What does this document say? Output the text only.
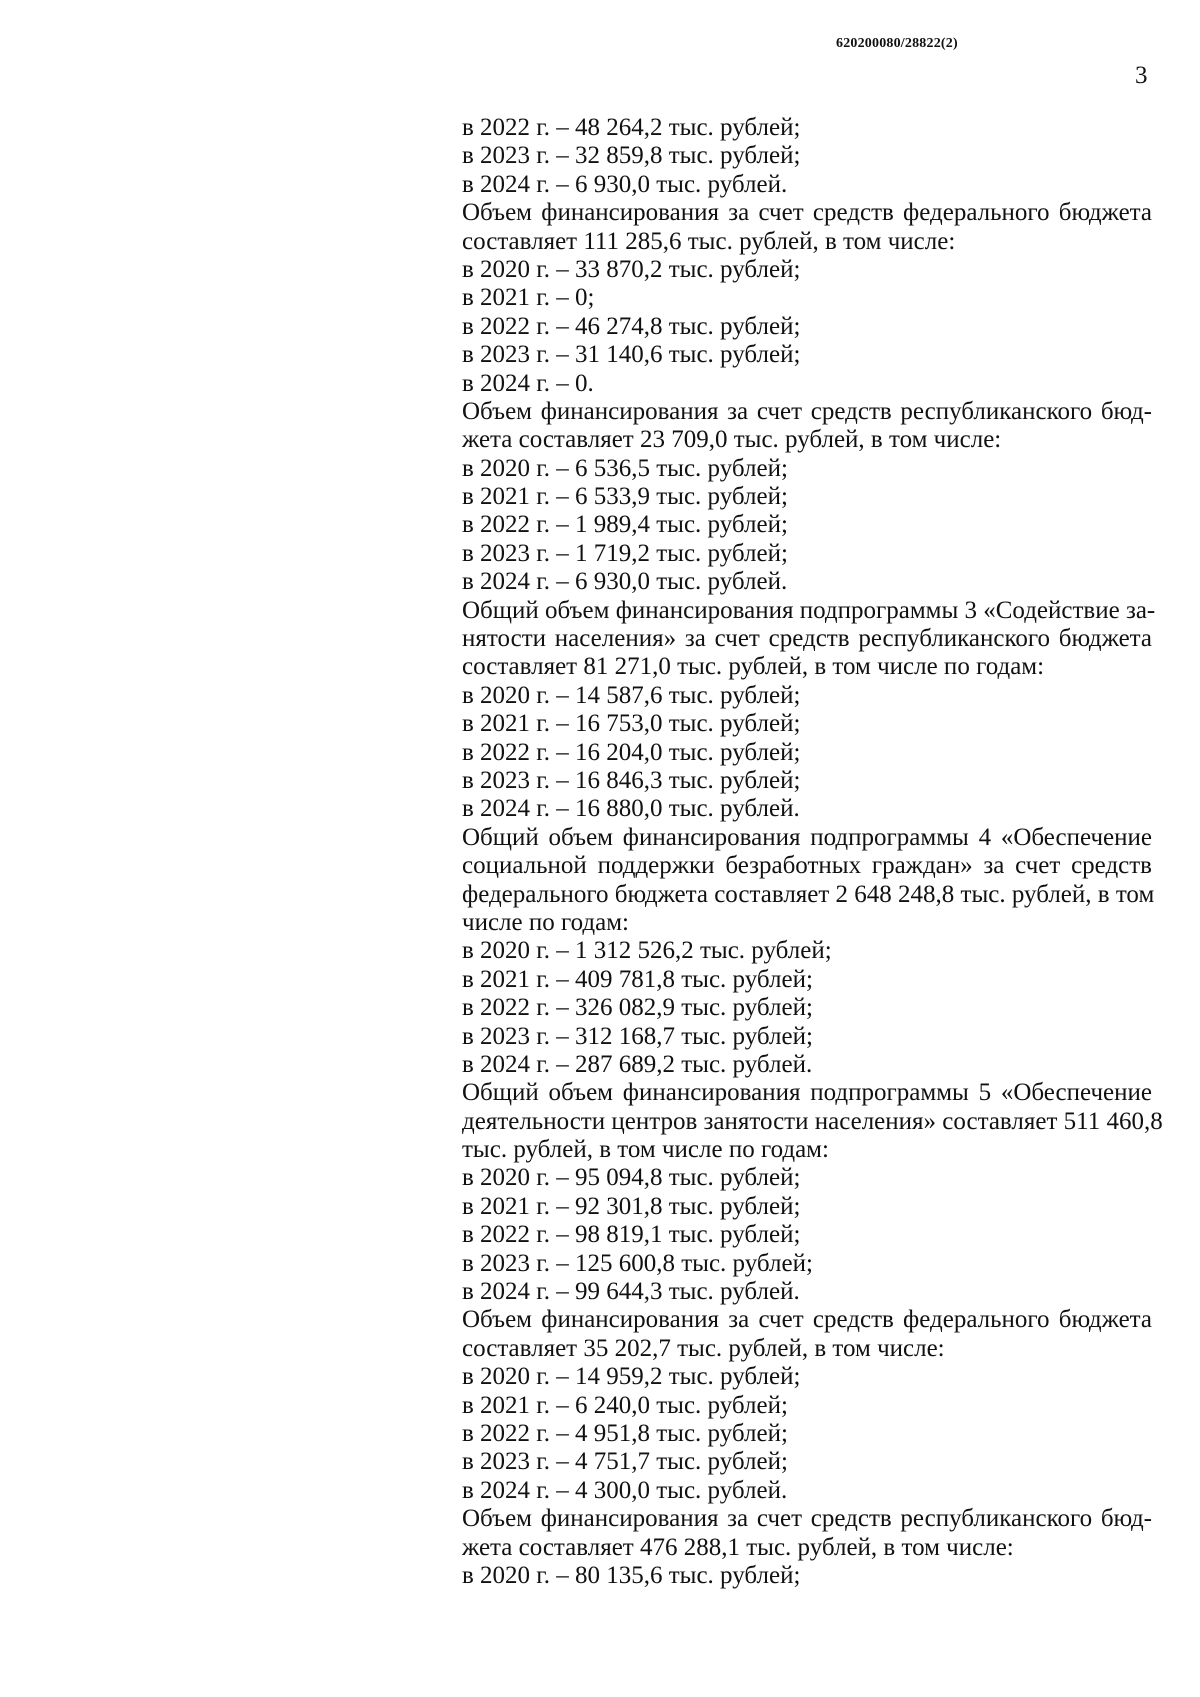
620200080/28822(2)
3
в 2022 г. – 48 264,2 тыс. рублей;
в 2023 г. – 32 859,8 тыс. рублей;
в 2024 г. – 6 930,0 тыс. рублей.
Объем финансирования за счет средств федерального бюджета
составляет 111 285,6 тыс. рублей, в том числе:
в 2020 г. – 33 870,2 тыс. рублей;
в 2021 г. – 0;
в 2022 г. – 46 274,8 тыс. рублей;
в 2023 г. – 31 140,6 тыс. рублей;
в 2024 г. – 0.
Объем финансирования за счет средств республиканского бюд-
жета составляет 23 709,0 тыс. рублей, в том числе:
в 2020 г. – 6 536,5 тыс. рублей;
в 2021 г. – 6 533,9 тыс. рублей;
в 2022 г. – 1 989,4 тыс. рублей;
в 2023 г. – 1 719,2 тыс. рублей;
в 2024 г. – 6 930,0 тыс. рублей.
Общий объем финансирования подпрограммы 3 «Содействие за-
нятости населения» за счет средств республиканского бюджета
составляет 81 271,0 тыс. рублей, в том числе по годам:
в 2020 г. – 14 587,6 тыс. рублей;
в 2021 г. – 16 753,0 тыс. рублей;
в 2022 г. – 16 204,0 тыс. рублей;
в 2023 г. – 16 846,3 тыс. рублей;
в 2024 г. – 16 880,0 тыс. рублей.
Общий объем финансирования подпрограммы 4 «Обеспечение
социальной поддержки безработных граждан» за счет средств
федерального бюджета составляет 2 648 248,8 тыс. рублей, в том
числе по годам:
в 2020 г. – 1 312 526,2 тыс. рублей;
в 2021 г. – 409 781,8 тыс. рублей;
в 2022 г. – 326 082,9 тыс. рублей;
в 2023 г. – 312 168,7 тыс. рублей;
в 2024 г. – 287 689,2 тыс. рублей.
Общий объем финансирования подпрограммы 5 «Обеспечение
деятельности центров занятости населения» составляет 511 460,8
тыс. рублей, в том числе по годам:
в 2020 г. – 95 094,8 тыс. рублей;
в 2021 г. – 92 301,8 тыс. рублей;
в 2022 г. – 98 819,1 тыс. рублей;
в 2023 г. – 125 600,8 тыс. рублей;
в 2024 г. – 99 644,3 тыс. рублей.
Объем финансирования за счет средств федерального бюджета
составляет 35 202,7 тыс. рублей, в том числе:
в 2020 г. – 14 959,2 тыс. рублей;
в 2021 г. – 6 240,0 тыс. рублей;
в 2022 г. – 4 951,8 тыс. рублей;
в 2023 г. – 4 751,7 тыс. рублей;
в 2024 г. – 4 300,0 тыс. рублей.
Объем финансирования за счет средств республиканского бюд-
жета составляет 476 288,1 тыс. рублей, в том числе:
в 2020 г. – 80 135,6 тыс. рублей;
